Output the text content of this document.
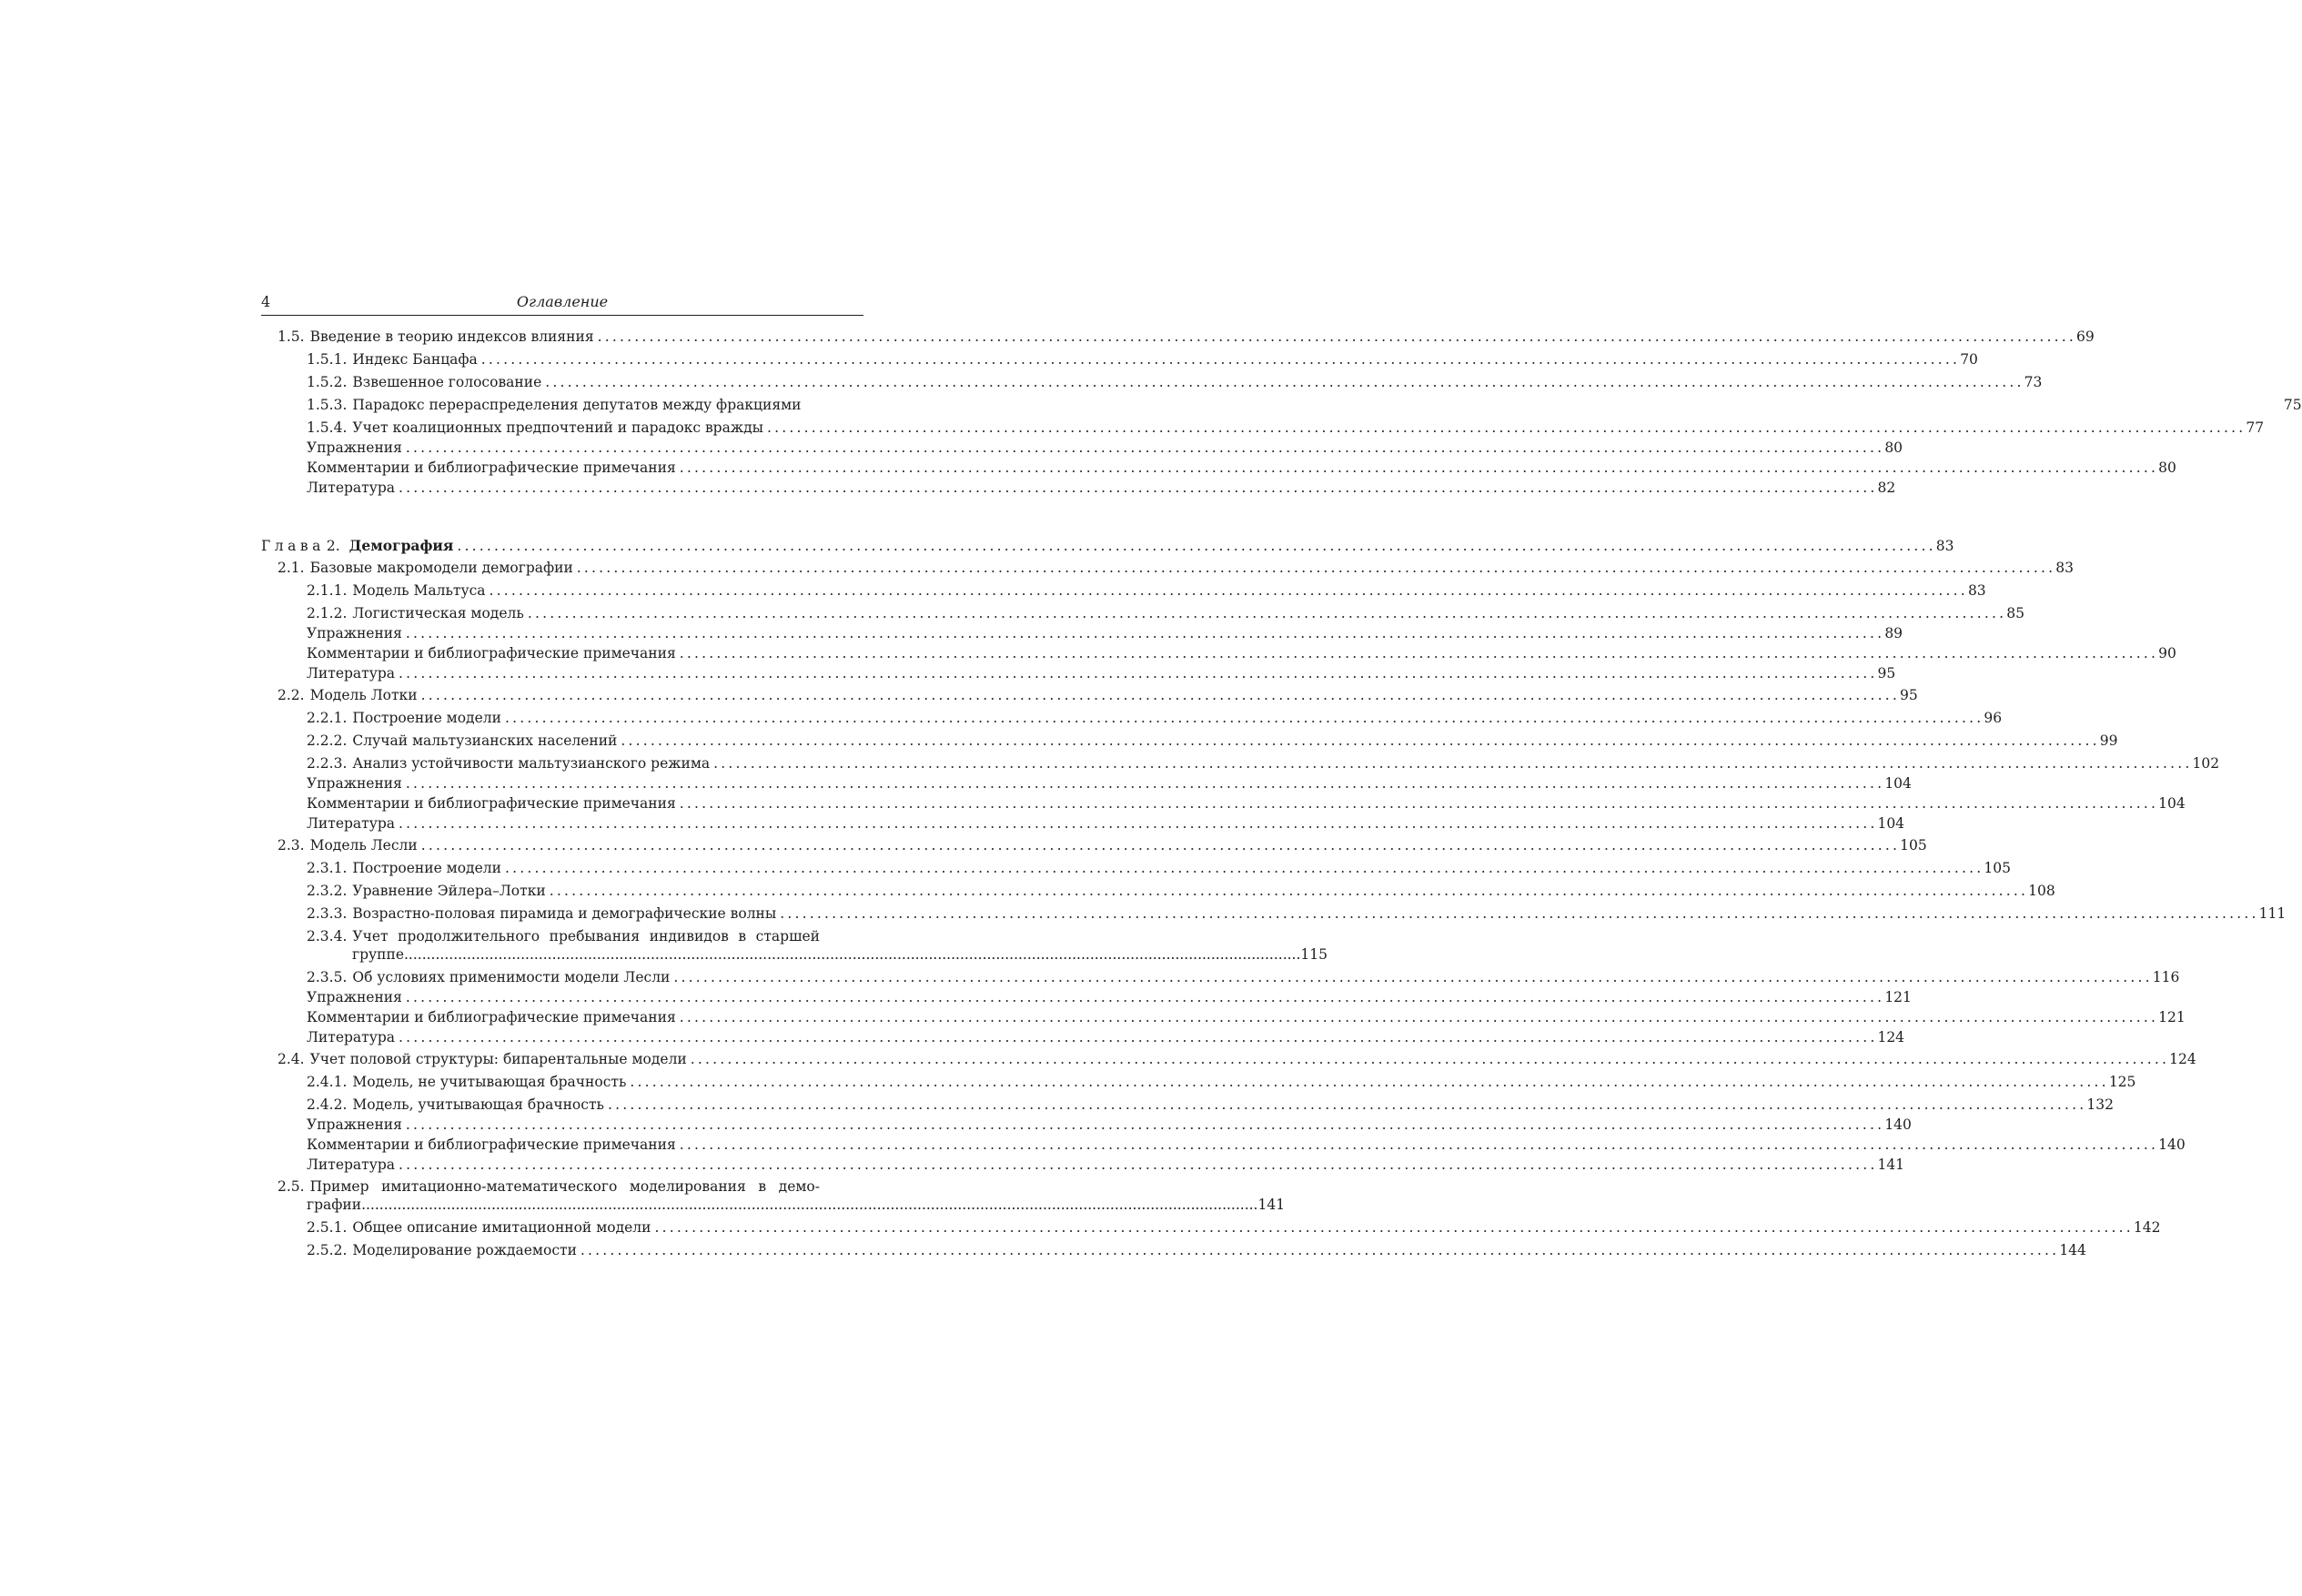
4	Оглавление
1.5. Введение в теорию индексов влияния ........................................................................................................................................................................................................ 69
1.5.1. Индекс Банцафа ........................................................................................................................................................................................................ 70
1.5.2. Взвешенное голосование ........................................................................................................................................................................................................ 73
1.5.3. Парадокс перераспределения депутатов между фракциями	75
1.5.4. Учет коалиционных предпочтений и парадокс вражды ........................................................................................................................................................................................................ 77
Упражнения ........................................................................................................................................................................................................ 80
Комментарии и библиографические примечания ........................................................................................................................................................................................................ 80
Литература ........................................................................................................................................................................................................ 82
Глава 2. Демография ........................................................................................................................................................................................................ 83
2.1. Базовые макромодели демографии ........................................................................................................................................................................................................ 83
2.1.1. Модель Мальтуса ........................................................................................................................................................................................................ 83
2.1.2. Логистическая модель ........................................................................................................................................................................................................ 85
Упражнения ........................................................................................................................................................................................................ 89
Комментарии и библиографические примечания ........................................................................................................................................................................................................ 90
Литература ........................................................................................................................................................................................................ 95
2.2. Модель Лотки ........................................................................................................................................................................................................ 95
2.2.1. Построение модели ........................................................................................................................................................................................................ 96
2.2.2. Случай мальтузианских населений ........................................................................................................................................................................................................ 99
2.2.3. Анализ устойчивости мальтузианского режима ........................................................................................................................................................................................................ 102
Упражнения ........................................................................................................................................................................................................ 104
Комментарии и библиографические примечания ........................................................................................................................................................................................................ 104
Литература ........................................................................................................................................................................................................ 104
2.3. Модель Лесли ........................................................................................................................................................................................................ 105
2.3.1. Построение модели ........................................................................................................................................................................................................ 105
2.3.2. Уравнение Эйлера–Лотки ........................................................................................................................................................................................................ 108
2.3.3. Возрастно-половая пирамида и демографические волны ........................................................................................................................................................................................................ 111
2.3.4. Учет продолжительного пребывания индивидов в старшей
группе ........................................................................................................................................................................................................ 115
2.3.5. Об условиях применимости модели Лесли ........................................................................................................................................................................................................ 116
Упражнения ........................................................................................................................................................................................................ 121
Комментарии и библиографические примечания ........................................................................................................................................................................................................ 121
Литература ........................................................................................................................................................................................................ 124
2.4. Учет половой структуры: бипарентальные модели ........................................................................................................................................................................................................ 124
2.4.1. Модель, не учитывающая брачность ........................................................................................................................................................................................................ 125
2.4.2. Модель, учитывающая брачность ........................................................................................................................................................................................................ 132
Упражнения ........................................................................................................................................................................................................ 140
Комментарии и библиографические примечания ........................................................................................................................................................................................................ 140
Литература ........................................................................................................................................................................................................ 141
2.5. Пример имитационно-математического моделирования в демо-
графии ........................................................................................................................................................................................................ 141
2.5.1. Общее описание имитационной модели ........................................................................................................................................................................................................ 142
2.5.2. Моделирование рождаемости ........................................................................................................................................................................................................ 144
